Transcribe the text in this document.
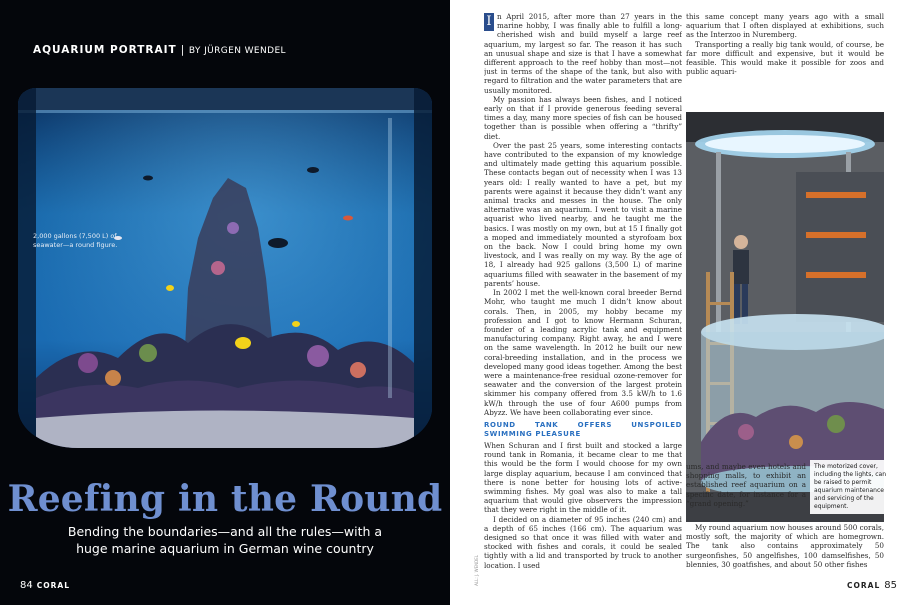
AQUARIUM PORTRAIT | BY JÜRGEN WENDEL
2,000 gallons (7,500 L) of seawater—a round figure.
Reefing in the Round
Bending the boundaries—and all the rules—with a
huge marine aquarium in German wine country
84 CORAL	ALL: J. WENDEL

I n April 2015, after more than 27 years in the marine hobby, I was finally able to fulfill a long-cherished wish and build myself a large reef aquarium, my largest so far. The reason it has such an unusual shape and size is that I have a somewhat different approach to the reef hobby than most—not just in terms of the shape of the tank, but also with regard to filtration and the water parameters that are usually monitored.

My passion has always been fishes, and I noticed early on that if I provide generous feeding several times a day, many more species of fish can be housed together than is possible when offering a “thrifty” diet.

Over the past 25 years, some interesting contacts have contributed to the expansion of my knowledge and ultimately made getting this aquarium possible. These contacts began out of necessity when I was 13 years old: I really wanted to have a pet, but my parents were against it because they didn’t want any animal tracks and messes in the house. The only alternative was an aquarium. I went to visit a marine aquarist who lived nearby, and he taught me the basics. I was mostly on my own, but at 15 I finally got a moped and immediately mounted a styrofoam box on the back. Now I could bring home my own livestock, and I was really on my way. By the age of 18, I already had 925 gallons (3,500 L) of marine aquariums filled with seawater in the basement of my parents’ house.

In 2002 I met the well-known coral breeder Bernd Mohr, who taught me much I didn’t know about corals. Then, in 2005, my hobby became my profession and I got to know Hermann Schuran, founder of a leading acrylic tank and equipment manufacturing company. Right away, he and I were on the same wavelength. In 2012 he built our new coral-breeding installation, and in the process we developed many good ideas together. Among the best were a maintenance-free residual ozone-remover for seawater and the conversion of the largest protein skimmer his company offered from 3.5 kW/h to 1.6 kW/h through the use of four A600 pumps from Abyzz. We have been collaborating ever since.

ROUND TANK OFFERS UNSPOILED SWIMMING PLEASURE

When Schuran and I first built and stocked a large round tank in Romania, it became clear to me that this would be the form I would choose for my own large display aquarium, because I am convinced that there is none better for housing lots of active-swimming fishes. My goal was also to make a tall aquarium that would give observers the impression that they were right in the middle of it.

I decided on a diameter of 95 inches (240 cm) and a depth of 65 inches (166 cm). The aquarium was designed so that once it was filled with water and stocked with fishes and corals, it could be sealed tightly with a lid and transported by truck to another location. I used

this same concept many years ago with a small aquarium that I often displayed at exhibitions, such as the Interzoo in Nuremberg.

Transporting a really big tank would, of course, be far more difficult and expensive, but it would be feasible. This would make it possible for zoos and public aquari-

The motorized cover, including the lights, can be raised to permit aquarium maintenance and servicing of the equipment.

ums, and maybe even hotels and shopping malls, to exhibit an established reef aquarium on a specific date, for instance for a “grand opening.”

My round aquarium now houses around 500 corals, mostly soft, the majority of which are homegrown. The tank also contains approximately 50 surgeonfishes, 50 angelfishes, 100 damselfishes, 50 blennies, 30 goatfishes, and about 50 other fishes

CORAL 85
